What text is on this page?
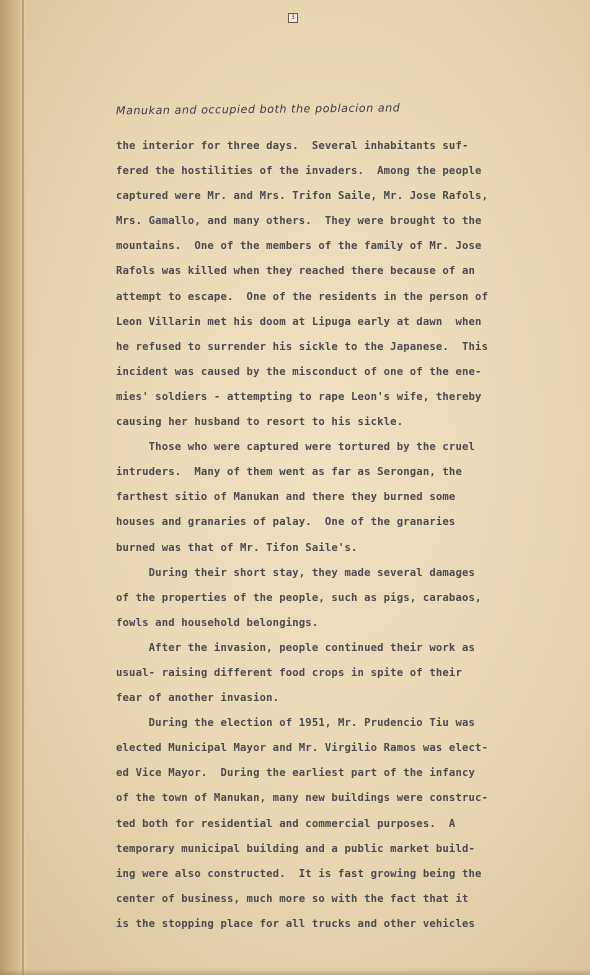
3
Manukan and occupied both the poblacion and
the interior for three days.  Several inhabitants suf-
fered the hostilities of the invaders.  Among the people
captured were Mr. and Mrs. Trifon Saile, Mr. Jose Rafols,
Mrs. Gamallo, and many others.  They were brought to the
mountains.  One of the members of the family of Mr. Jose
Rafols was killed when they reached there because of an
attempt to escape.  One of the residents in the person of
Leon Villarin met his doom at Lipuga early at dawn  when
he refused to surrender his sickle to the Japanese.  This
incident was caused by the misconduct of one of the ene-
mies' soldiers - attempting to rape Leon's wife, thereby
causing her husband to resort to his sickle.
Those who were captured were tortured by the cruel
intruders.  Many of them went as far as Serongan, the
farthest sitio of Manukan and there they burned some
houses and granaries of palay.  One of the granaries
burned was that of Mr. Tifon Saile's.
During their short stay, they made several damages
of the properties of the people, such as pigs, carabaos,
fowls and household belongings.
After the invasion, people continued their work as
usual- raising different food crops in spite of their
fear of another invasion.
During the election of 1951, Mr. Prudencio Tiu was
elected Municipal Mayor and Mr. Virgilio Ramos was elect-
ed Vice Mayor.  During the earliest part of the infancy
of the town of Manukan, many new buildings were construc-
ted both for residential and commercial purposes.  A
temporary municipal building and a public market build-
ing were also constructed.  It is fast growing being the
center of business, much more so with the fact that it
is the stopping place for all trucks and other vehicles
